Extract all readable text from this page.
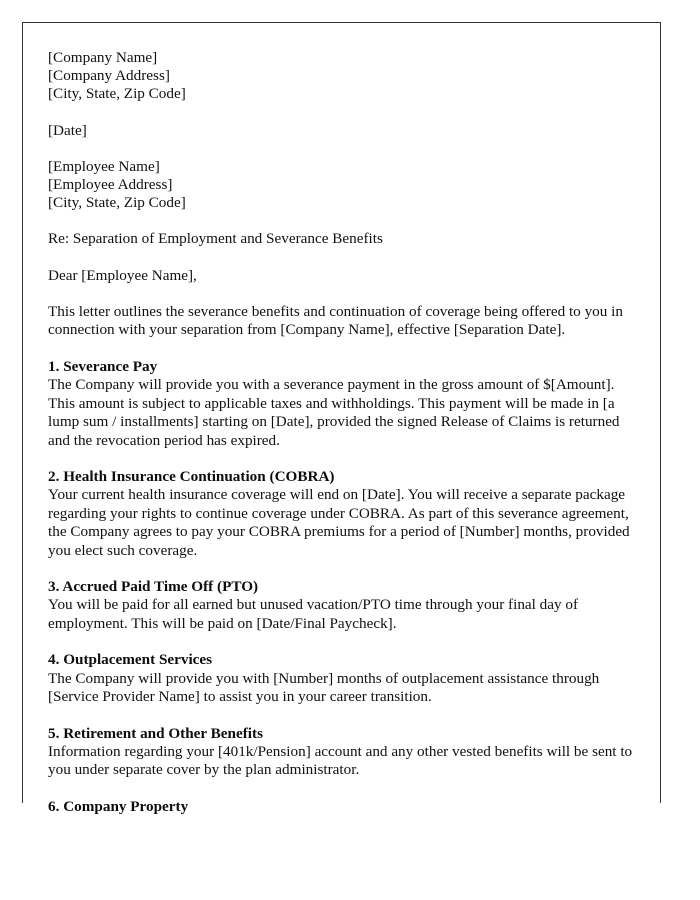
[Company Name]
[Company Address]
[City, State, Zip Code]
[Date]
[Employee Name]
[Employee Address]
[City, State, Zip Code]
Re: Separation of Employment and Severance Benefits
Dear [Employee Name],
This letter outlines the severance benefits and continuation of coverage being offered to you in connection with your separation from [Company Name], effective [Separation Date].
1. Severance Pay
The Company will provide you with a severance payment in the gross amount of $[Amount]. This amount is subject to applicable taxes and withholdings. This payment will be made in [a lump sum / installments] starting on [Date], provided the signed Release of Claims is returned and the revocation period has expired.
2. Health Insurance Continuation (COBRA)
Your current health insurance coverage will end on [Date]. You will receive a separate package regarding your rights to continue coverage under COBRA. As part of this severance agreement, the Company agrees to pay your COBRA premiums for a period of [Number] months, provided you elect such coverage.
3. Accrued Paid Time Off (PTO)
You will be paid for all earned but unused vacation/PTO time through your final day of employment. This will be paid on [Date/Final Paycheck].
4. Outplacement Services
The Company will provide you with [Number] months of outplacement assistance through [Service Provider Name] to assist you in your career transition.
5. Retirement and Other Benefits
Information regarding your [401k/Pension] account and any other vested benefits will be sent to you under separate cover by the plan administrator.
6. Company Property
